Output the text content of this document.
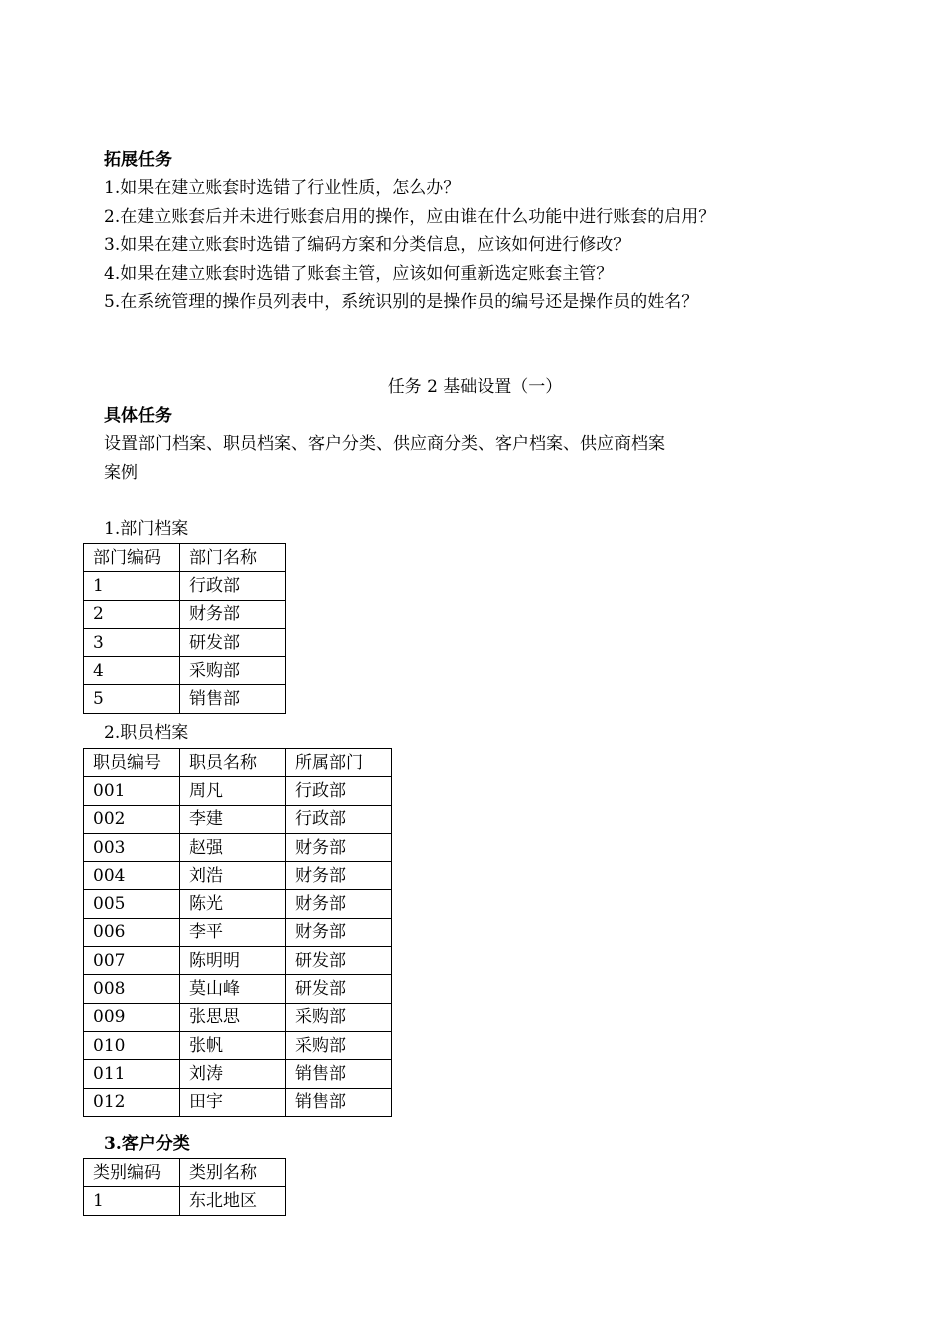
拓展任务
1.如果在建立账套时选错了行业性质，怎么办？
2.在建立账套后并未进行账套启用的操作，应由谁在什么功能中进行账套的启用？
3.如果在建立账套时选错了编码方案和分类信息，应该如何进行修改？
4.如果在建立账套时选错了账套主管，应该如何重新选定账套主管？
5.在系统管理的操作员列表中，系统识别的是操作员的编号还是操作员的姓名？
任务 2 基础设置（一）
具体任务
设置部门档案、职员档案、客户分类、供应商分类、客户档案、供应商档案
案例
1.部门档案
部门编码	部门名称
1	行政部
2	财务部
3	研发部
4	采购部
5	销售部
2.职员档案
职员编号	职员名称	所属部门
001	周凡	行政部
002	李建	行政部
003	赵强	财务部
004	刘浩	财务部
005	陈光	财务部
006	李平	财务部
007	陈明明	研发部
008	莫山峰	研发部
009	张思思	采购部
010	张帆	采购部
011	刘涛	销售部
012	田宇	销售部
3.客户分类
类别编码	类别名称
1	东北地区
